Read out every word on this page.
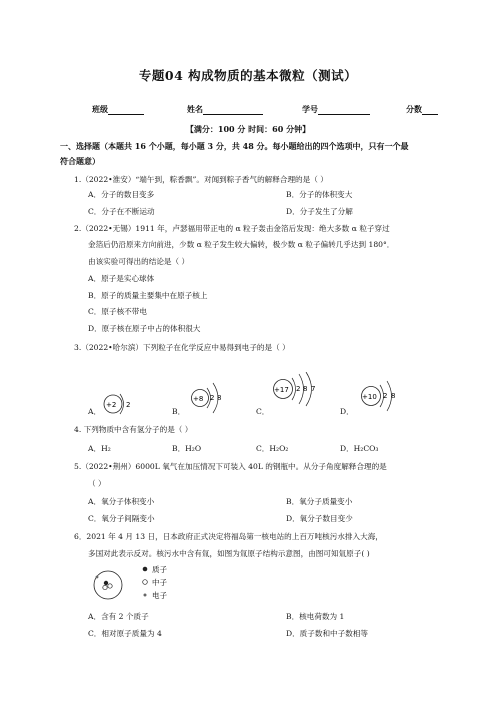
专题04 构成物质的基本微粒（测试）
班级	姓名	学号	分数
【满分：100 分 时间：60 分钟】
一、选择题（本题共 16 个小题，每小题 3 分，共 48 分。每小题给出的四个选项中，只有一个最
符合题意）
1.（2022•淮安）“端午到，粽香飘”。对闻到粽子香气的解释合理的是（ ）
A．分子的数目变多	B．分子的体积变大
C．分子在不断运动	D．分子发生了分解
2.（2022•无锡）1911 年，卢瑟福用带正电的 α 粒子轰击金箔后发现：绝大多数 α 粒子穿过
金箔后仍沿原来方向前进，少数 α 粒子发生较大偏转，极少数 α 粒子偏转几乎达到 180°．
由该实验可得出的结论是（ ）
A．原子是实心球体
B．原子的质量主要集中在原子核上
C．原子核不带电
D．原子核在原子中占的体积很大
3.（2022•哈尔滨）下列粒子在化学反应中易得到电子的是（ ）
A．
+2 2
B．
+8 2 8
C．
+17 2 8 7
D．
+10 2 8
4. 下列物质中含有氢分子的是（ ）
A．H₂	B．H₂O	C．H₂O₂	D．H₂CO₃
5.（2022•荆州）6000L 氧气在加压情况下可装入 40L 的钢瓶中。从分子角度解释合理的是
（ ）
A．氧分子体积变小	B．氧分子质量变小
C．氧分子间隔变小	D．氧分子数目变少
6．2021 年 4 月 13 日，日本政府正式决定将福岛第一核电站的上百万吨核污水排入大海，
多国对此表示反对。核污水中含有氚，如图为氚原子结构示意图，由图可知氚原子( )
质子
中子
电子
A．含有 2 个质子	B．核电荷数为 1
C．相对原子质量为 4	D．质子数和中子数相等
